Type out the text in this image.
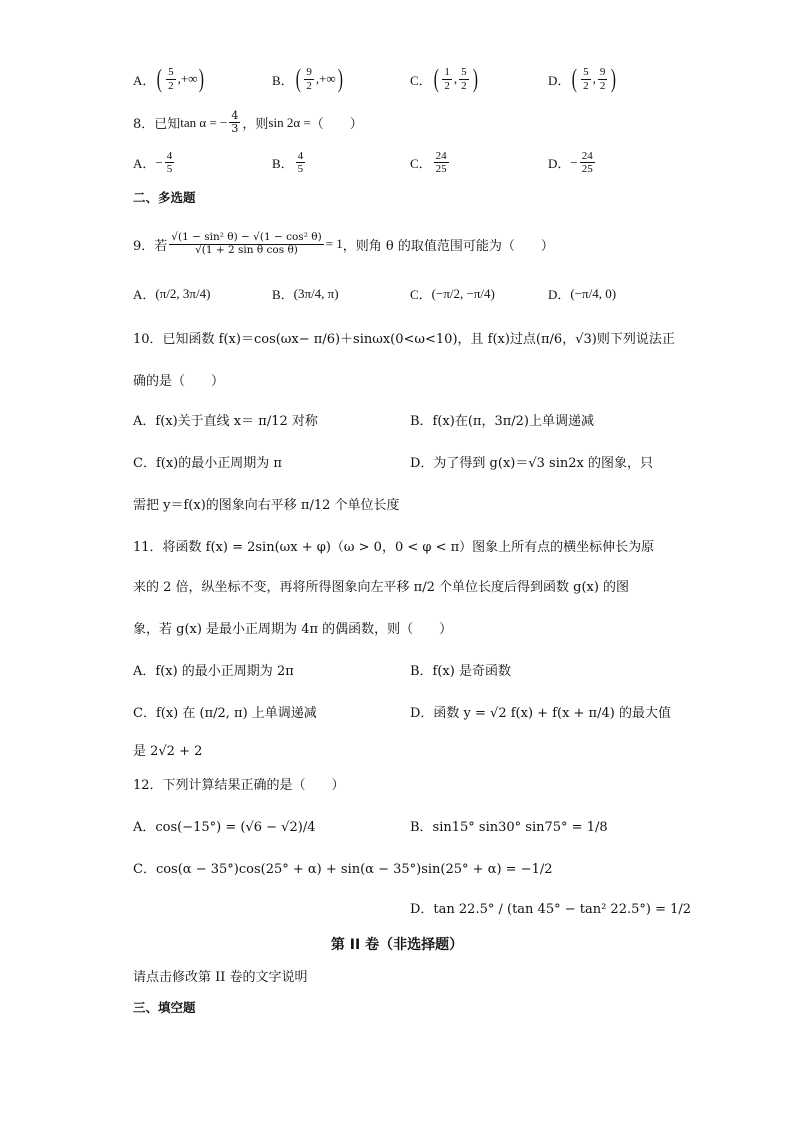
A． ( $\frac{5}{2}$ ,+∞ )	B． ( $\frac{9}{2}$ ,+∞ )	C． ( $\frac{1}{2}$ , $\frac{5}{2}$ )	D． ( $\frac{5}{2}$ , $\frac{9}{2}$ )
8．已知 tan α = − $\frac{4}{3}$ ，则 sin 2α = （　　）
A． − $\frac{4}{5}$	B． $\frac{4}{5}$	C． $\frac{24}{25}$	D． − $\frac{24}{25}$
二、多选题
9．若 $\frac{\text{√(1 − sin² θ) − √(1 − cos² θ)}}{\text{√(1 + 2 sin θ cos θ)}} = 1$ ，则角 θ 的取值范围可能为（　　）
A． (π/2, 3π/4)	B． (3π/4, π)	C． (−π/2, −π/4)	D． (−π/4, 0)
10．已知函数 f(x)＝cos(ωx− π/6)＋sinωx(0<ω<10)，且 f(x)过点(π/6，√3)则下列说法正
确的是（　　）
A．f(x)关于直线 x＝ π/12 对称	B．f(x)在(π，3π/2)上单调递减
C．f(x)的最小正周期为 π	D．为了得到 g(x)＝√3 sin2x 的图象，只
需把 y＝f(x)的图象向右平移 π/12 个单位长度
11．将函数 f(x) = 2sin(ωx + φ)（ω > 0，0 < φ < π）图象上所有点的横坐标伸长为原
来的 2 倍，纵坐标不变，再将所得图象向左平移 π/2 个单位长度后得到函数 g(x) 的图
象，若 g(x) 是最小正周期为 4π 的偶函数，则（　　）
A．f(x) 的最小正周期为 2π	B．f(x) 是奇函数
C．f(x) 在 (π/2, π) 上单调递减	D．函数 y = √2 f(x) + f(x + π/4) 的最大值
是 2√2 + 2
12．下列计算结果正确的是（　　）
A．cos(−15°) = (√6 − √2)/4	B．sin15° sin30° sin75° = 1/8
C．cos(α − 35°)cos(25° + α) + sin(α − 35°)sin(25° + α) = −1/2
D．tan 22.5° / (tan 45° − tan² 22.5°) = 1/2
第 II 卷（非选择题）
请点击修改第 II 卷的文字说明
三、填空题
